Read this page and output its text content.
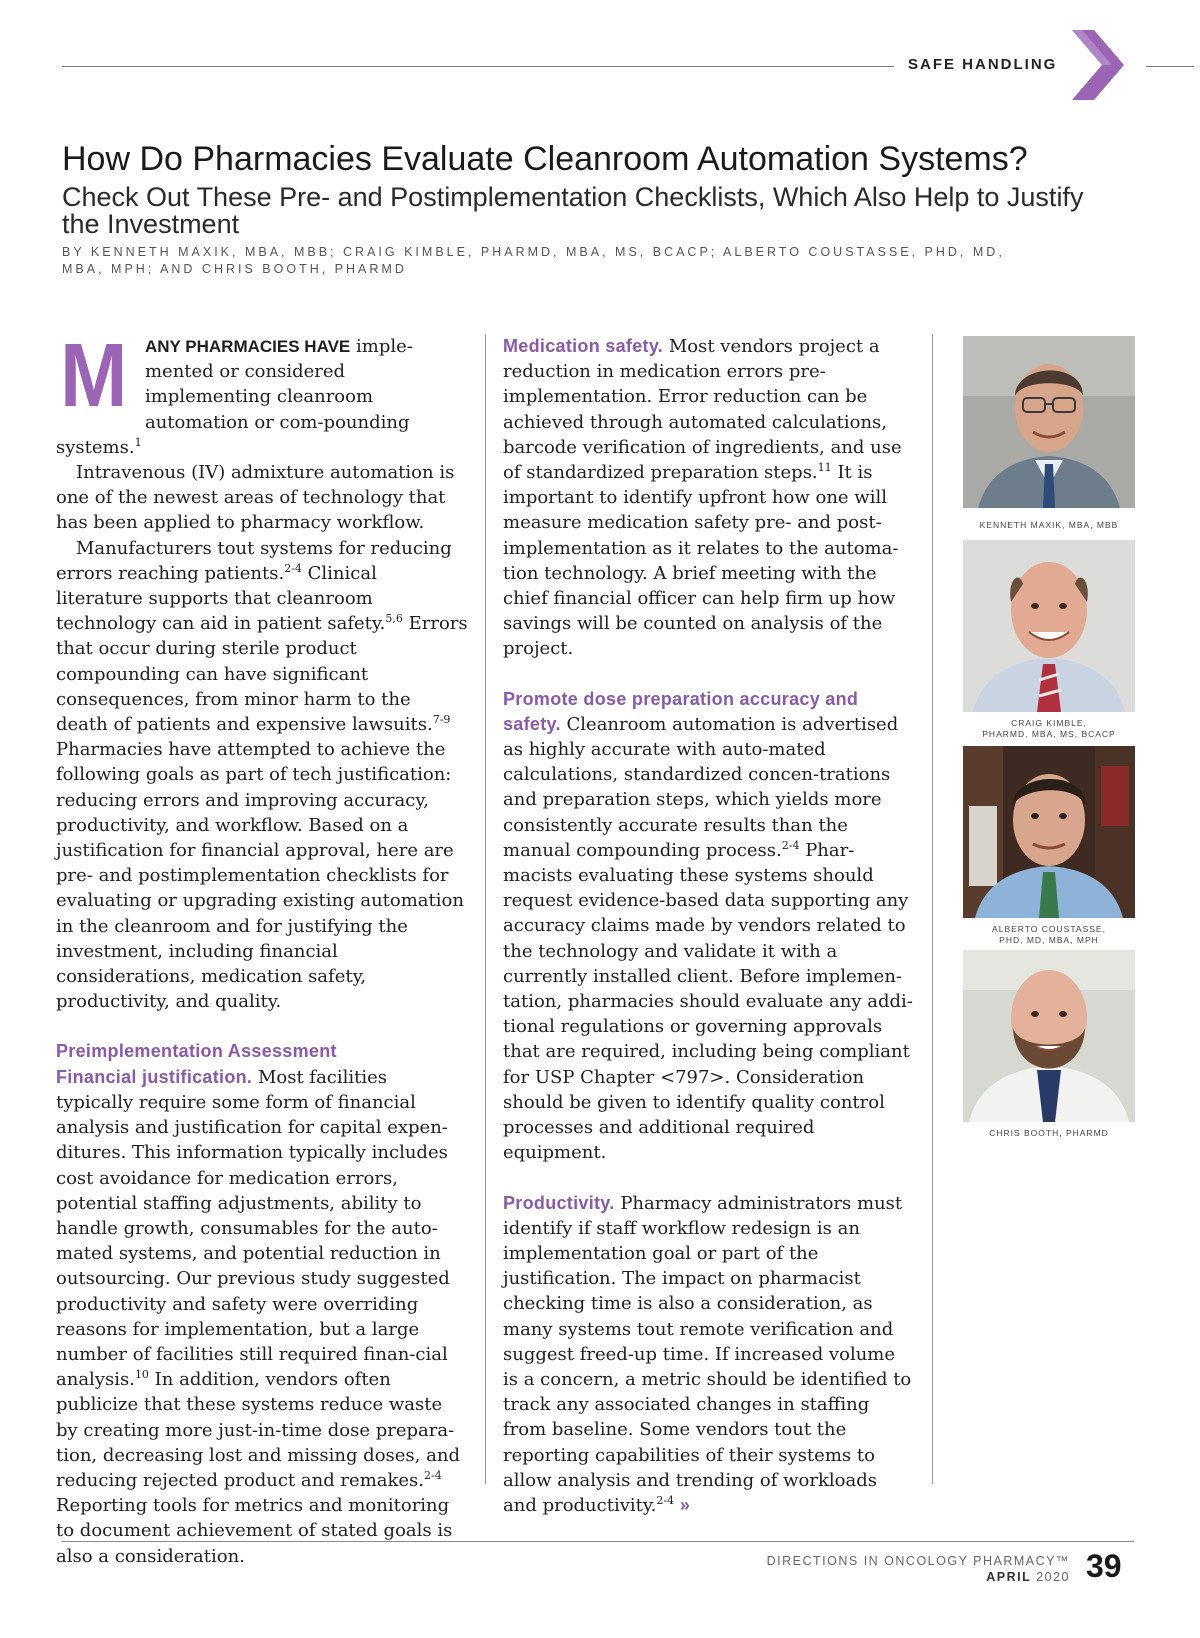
SAFE HANDLING
How Do Pharmacies Evaluate Cleanroom Automation Systems?
Check Out These Pre- and Postimplementation Checklists, Which Also Help to Justify the Investment
BY KENNETH MAXIK, MBA, MBB; CRAIG KIMBLE, PHARMD, MBA, MS, BCACP; ALBERTO COUSTASSE, PHD, MD, MBA, MPH; AND CHRIS BOOTH, PHARMD

M ANY PHARMACIES HAVE imple-mented or considered implementing cleanroom automation or com-pounding systems.$^1$

Intravenous (IV) admixture automation is one of the newest areas of technology that has been applied to pharmacy workflow.

Manufacturers tout systems for reducing errors reaching patients.$^{2-4}$ Clinical literature supports that cleanroom technology can aid in patient safety.$^{5,6}$ Errors that occur during sterile product compounding can have significant consequences, from minor harm to the death of patients and expensive lawsuits.$^{7-9}$ Pharmacies have attempted to achieve the following goals as part of tech justification: reducing errors and improving accuracy, productivity, and workflow. Based on a justification for financial approval, here are pre- and postimplementation checklists for evaluating or upgrading existing automation in the cleanroom and for justifying the investment, including financial considerations, medication safety, productivity, and quality.

Preimplementation Assessment

Financial justification. Most facilities typically require some form of financial analysis and justification for capital expen-ditures. This information typically includes cost avoidance for medication errors, potential staffing adjustments, ability to handle growth, consumables for the auto-mated systems, and potential reduction in outsourcing. Our previous study suggested productivity and safety were overriding reasons for implementation, but a large number of facilities still required finan-cial analysis.$^{10}$ In addition, vendors often publicize that these systems reduce waste by creating more just-in-time dose prepara-tion, decreasing lost and missing doses, and reducing rejected product and remakes.$^{2-4}$ Reporting tools for metrics and monitoring to document achievement of stated goals is also a consideration.

Medication safety. Most vendors project a reduction in medication errors pre-implementation. Error reduction can be achieved through automated calculations, barcode verification of ingredients, and use of standardized preparation steps.$^{11}$ It is important to identify upfront how one will measure medication safety pre- and post-implementation as it relates to the automa-tion technology. A brief meeting with the chief financial officer can help firm up how savings will be counted on analysis of the project.

Promote dose preparation accuracy and safety. Cleanroom automation is advertised as highly accurate with auto-mated calculations, standardized concen-trations and preparation steps, which yields more consistently accurate results than the manual compounding process.$^{2-4}$ Phar-macists evaluating these systems should request evidence-based data supporting any accuracy claims made by vendors related to the technology and validate it with a currently installed client. Before implemen-tation, pharmacies should evaluate any addi-tional regulations or governing approvals that are required, including being compliant for USP Chapter <797>. Consideration should be given to identify quality control processes and additional required equipment.

Productivity. Pharmacy administrators must identify if staff workflow redesign is an implementation goal or part of the justification. The impact on pharmacist checking time is also a consideration, as many systems tout remote verification and suggest freed-up time. If increased volume is a concern, a metric should be identified to track any associated changes in staffing from baseline. Some vendors tout the reporting capabilities of their systems to allow analysis and trending of workloads and productivity.$^{2-4}$ »

KENNETH MAXIK, MBA, MBB
CRAIG KIMBLE,
PHARMD, MBA, MS, BCACP
ALBERTO COUSTASSE,
PHD, MD, MBA, MPH
CHRIS BOOTH, PHARMD
DIRECTIONS IN ONCOLOGY PHARMACY™
APRIL 2020 39
